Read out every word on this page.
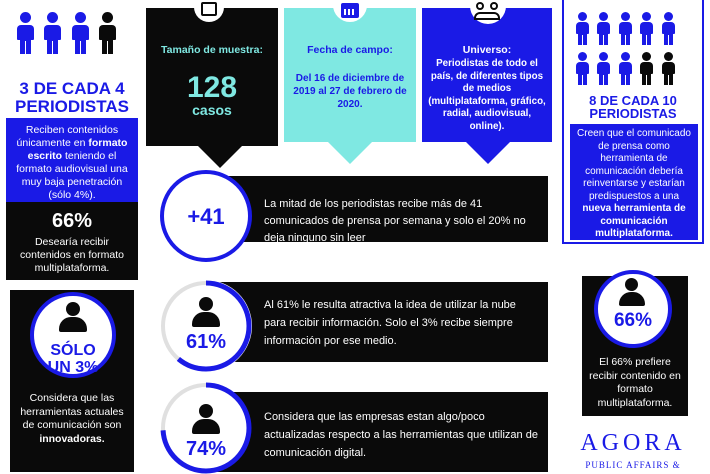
3 DE CADA 4
PERIODISTAS
Reciben contenidos únicamente en formato escrito teniendo el formato audiovisual una muy baja penetración (sólo 4%).
66%
Desearía recibir contenidos en formato multiplataforma.
SÓLO
UN 3%
Considera que las herramientas actuales de comunicación son innovadoras.
Tamaño de muestra:
128
casos
Fecha de campo:
Del 16 de diciembre de 2019 al 27 de febrero de 2020.
Universo:
Periodistas de todo el país, de diferentes tipos de medios (multiplataforma, gráfico, radial, audiovisual, online).

8 DE CADA 10
PERIODISTAS
Creen que el comunicado de prensa como herramienta de comunicación debería reinventarse y estarían predispuestos a una nueva herramienta de comunicación multiplataforma.
66%
El 66% prefiere recibir contenido en formato multiplataforma.
AGORA
PUBLIC AFFAIRS &
+41	La mitad de los periodistas recibe más de 41 comunicados de prensa por semana y solo el 20% no deja ninguno sin leer
61%
Al 61% le resulta atractiva la idea de utilizar la nube para recibir información. Solo el 3% recibe siempre información por ese medio.
74%
Considera que las empresas estan algo/poco actualizadas respecto a las herramientas que utilizan de comunicación digital.
